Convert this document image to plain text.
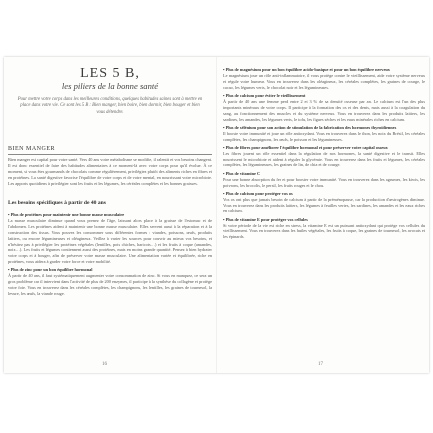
LES 5 B,
les piliers de la bonne santé
Pour mettre votre corps dans les meilleures conditions, quelques habitudes saines sont à mettre en place dans votre vie. Ce sont les 5 B : Bien manger, bien boire, bien dormir, bien bouger et bien vous détendre.
BIEN MANGER
Bien manger est capital pour votre santé. Vers 40 ans votre métabolisme se modifie, il ralentit et vos besoins changent. Il est donc essentiel de faire des habitudes alimentaires à ce moment-là avec votre corps pour qu'il évolue. À ce moment, si vous êtes gourmands de chocolats comme régulièrement, privilégiez plutôt des aliments riches en fibres et en protéines. La santé digestive favorise l'équilibre de votre corps et de votre mental, en nourrissant votre microbiote. Les apports quotidiens à privilégier sont les fruits et les légumes, les céréales complètes et les bonnes graisses.
Les besoins spécifiques à partir de 40 ans

• Plus de protéines pour maintenir une bonne masse musculaire
La masse musculaire diminue quand vous prenez de l'âge, laissant alors place à la graisse de l'estomac et de l'abdomen. Les protéines aident à maintenir une bonne masse musculaire. Elles servent aussi à la réparation et à la construction des tissus. Vous pouvez les consommer sous différentes formes : viandes, poissons, œufs, produits laitiers, ou encore légumineuses et oléagineux. Veillez à varier les sources pour couvrir au mieux vos besoins, et n'hésitez pas à privilégier les protéines végétales (lentilles, pois chiches, haricots…) et les fruits à coque (amandes, noix…). Les fruits et légumes contiennent aussi des protéines, mais en moins grande quantité. Pensez à bien hydrater votre corps et à bouger, afin de préserver votre masse musculaire. Une alimentation variée et équilibrée, riche en protéines, vous aidera à garder votre force et votre mobilité.

• Plus de zinc pour un bon équilibre hormonal
À partir de 40 ans, il faut systématiquement augmenter votre consommation de zinc. Si vous en manquez, ce sera un gros problème car il intervient dans l'activité de plus de 200 enzymes, il participe à la synthèse du collagène et protège votre foie. Vous en trouverez dans les céréales complètes, les champignons, les lentilles, les graines de tournesol, la levure, les œufs, la viande rouge.

16

• Plus de magnésium pour un bon équilibre acido-basique et pour un bon équilibre nerveux
Le magnésium joue un rôle anti-inflammatoire, il vous protège contre le vieillissement, aide votre système nerveux et régule votre humeur. Vous en trouverez dans les oléagineux, les céréales complètes, les graines de courge, le cacao, les légumes verts, le chocolat noir et les légumineuses.

• Plus de calcium pour éviter le vieillissement
À partir de 40 ans une femme perd entre 2 et 3 % de sa densité osseuse par an. Le calcium est l'un des plus importants minéraux de votre corps. Il participe à la formation des os et des dents, mais aussi à la coagulation du sang, au fonctionnement des muscles et du système nerveux. Vous en trouverez dans les produits laitiers, les sardines, les amandes, les légumes verts, le tofu, les figues sèches et les eaux minérales riches en calcium.

• Plus de sélénium pour son action de stimulation de la fabrication des hormones thyroïdiennes
Il booste votre immunité et joue un rôle antioxydant. Vous en trouverez dans le thon, les noix du Brésil, les céréales complètes, les champignons, les œufs, le poisson et les légumineuses.

• Plus de fibres pour améliorer l'équilibre hormonal et pour préserver votre capital osseux
Les fibres jouent un rôle essentiel dans la régulation de nos hormones, la santé digestive et le transit. Elles nourrissent le microbiote et aident à réguler la glycémie. Vous en trouverez dans les fruits et légumes, les céréales complètes, les légumineuses, les graines de lin, de chia et de courge.

• Plus de vitamine C
Pour une bonne absorption du fer et pour booster votre immunité. Vous en trouverez dans les agrumes, les kiwis, les poivrons, les brocolis, le persil, les fruits rouges et le chou.

• Plus de calcium pour protéger vos os
Vos os ont plus que jamais besoin de calcium à partir de la préménopause, car la production d'œstrogènes diminue. Vous en trouverez dans les produits laitiers, les légumes à feuilles vertes, les sardines, les amandes et les eaux riches en calcium.

• Plus de vitamine E pour protéger vos cellules
Si votre période de la vie est riche en stress, la vitamine E est un puissant antioxydant qui protège vos cellules du vieillissement. Vous en trouverez dans les huiles végétales, les fruits à coque, les graines de tournesol, les avocats et les épinards.

17
